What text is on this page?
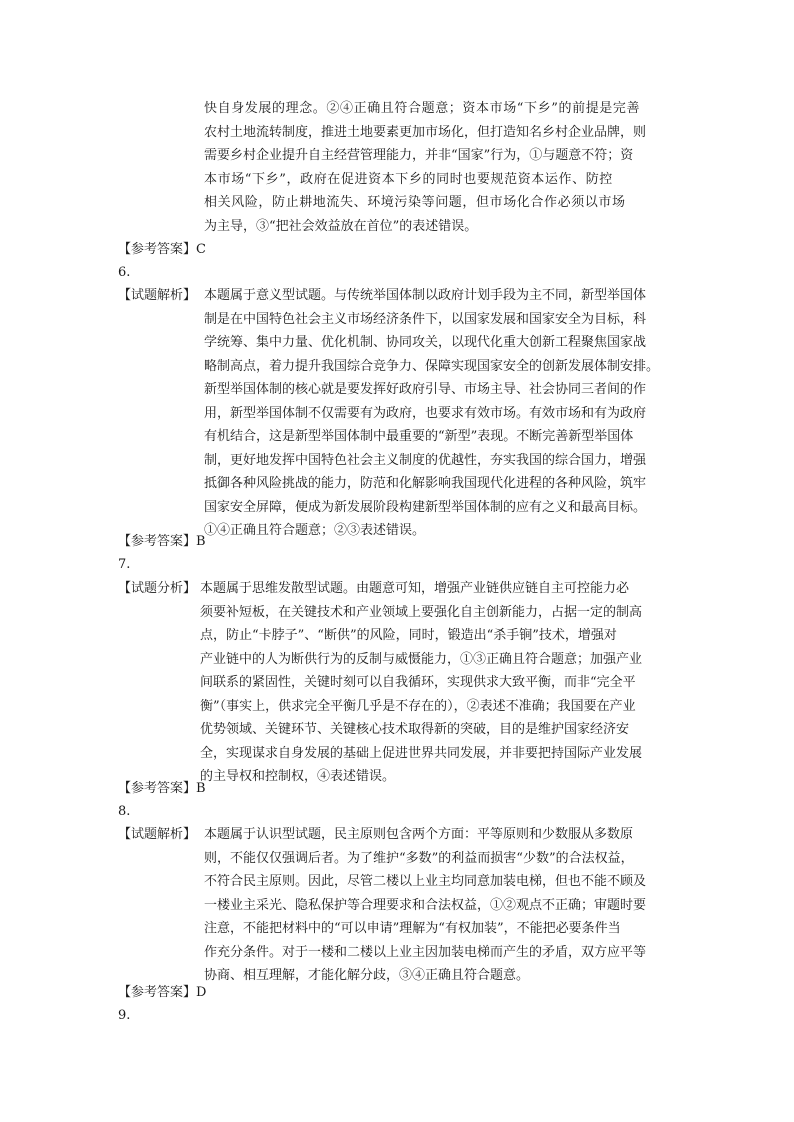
快自身发展的理念。②④正确且符合题意；资本市场“下乡”的前提是完善
农村土地流转制度，推进土地要素更加市场化，但打造知名乡村企业品牌，则
需要乡村企业提升自主经营管理能力，并非“国家”行为，①与题意不符；资
本市场“下乡”，政府在促进资本下乡的同时也要规范资本运作、防控
相关风险，防止耕地流失、环境污染等问题，但市场化合作必须以市场
为主导，③“把社会效益放在首位”的表述错误。
【参考答案】C
6.
【试题解析】 本题属于意义型试题。与传统举国体制以政府计划手段为主不同，新型举国体
制是在中国特色社会主义市场经济条件下，以国家发展和国家安全为目标，科
学统筹、集中力量、优化机制、协同攻关，以现代化重大创新工程聚焦国家战
略制高点，着力提升我国综合竞争力、保障实现国家安全的创新发展体制安排。
新型举国体制的核心就是要发挥好政府引导、市场主导、社会协同三者间的作
用，新型举国体制不仅需要有为政府，也要求有效市场。有效市场和有为政府
有机结合，这是新型举国体制中最重要的“新型”表现。不断完善新型举国体
制，更好地发挥中国特色社会主义制度的优越性，夯实我国的综合国力，增强
抵御各种风险挑战的能力，防范和化解影响我国现代化进程的各种风险，筑牢
国家安全屏障，便成为新发展阶段构建新型举国体制的应有之义和最高目标。
①④正确且符合题意；②③表述错误。
【参考答案】B
7.
【试题分析】 本题属于思维发散型试题。由题意可知，增强产业链供应链自主可控能力必
须要补短板，在关键技术和产业领域上要强化自主创新能力，占据一定的制高
点，防止“卡脖子”、“断供”的风险，同时，锻造出“杀手锏”技术，增强对
产业链中的人为断供行为的反制与威慑能力，①③正确且符合题意；加强产业
间联系的紧固性，关键时刻可以自我循环，实现供求大致平衡，而非“完全平
衡”（事实上，供求完全平衡几乎是不存在的），②表述不准确；我国要在产业
优势领域、关键环节、关键核心技术取得新的突破，目的是维护国家经济安
全，实现谋求自身发展的基础上促进世界共同发展，并非要把持国际产业发展
的主导权和控制权，④表述错误。
【参考答案】B
8.
【试题解析】 本题属于认识型试题，民主原则包含两个方面：平等原则和少数服从多数原
则，不能仅仅强调后者。为了维护“多数”的利益而损害“少数”的合法权益，
不符合民主原则。因此，尽管二楼以上业主均同意加装电梯，但也不能不顾及
一楼业主采光、隐私保护等合理要求和合法权益，①②观点不正确；审题时要
注意，不能把材料中的“可以申请”理解为“有权加装”，不能把必要条件当
作充分条件。对于一楼和二楼以上业主因加装电梯而产生的矛盾，双方应平等
协商、相互理解，才能化解分歧，③④正确且符合题意。
【参考答案】D
9.
